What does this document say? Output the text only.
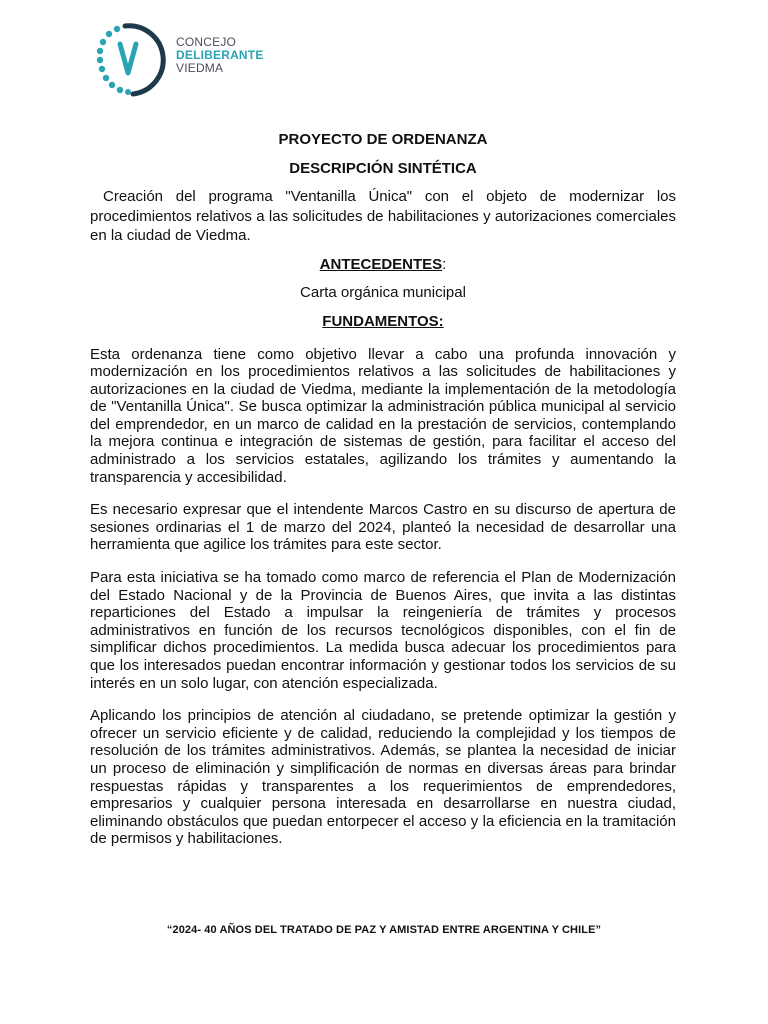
CONCEJO
DELIBERANTE
VIEDMA

PROYECTO DE ORDENANZA

DESCRIPCIÓN SINTÉTICA

Creación del programa "Ventanilla Única" con el objeto de modernizar los procedimientos relativos a las solicitudes de habilitaciones y autorizaciones comerciales en la ciudad de Viedma.

ANTECEDENTES:

Carta orgánica municipal

FUNDAMENTOS:

Esta ordenanza tiene como objetivo llevar a cabo una profunda innovación y modernización en los procedimientos relativos a las solicitudes de habilitaciones y autorizaciones en la ciudad de Viedma, mediante la implementación de la metodología de "Ventanilla Única". Se busca optimizar la administración pública municipal al servicio del emprendedor, en un marco de calidad en la prestación de servicios, contemplando la mejora continua e integración de sistemas de gestión, para facilitar el acceso del administrado a los servicios estatales, agilizando los trámites y aumentando la transparencia y accesibilidad.

Es necesario expresar que el intendente Marcos Castro en su discurso de apertura de sesiones ordinarias el 1 de marzo del 2024, planteó la necesidad de desarrollar una herramienta que agilice los trámites para este sector.

Para esta iniciativa se ha tomado como marco de referencia el Plan de Modernización del Estado Nacional y de la Provincia de Buenos Aires, que invita a las distintas reparticiones del Estado a impulsar la reingeniería de trámites y procesos administrativos en función de los recursos tecnológicos disponibles, con el fin de simplificar dichos procedimientos. La medida busca adecuar los procedimientos para que los interesados puedan encontrar información y gestionar todos los servicios de su interés en un solo lugar, con atención especializada.

Aplicando los principios de atención al ciudadano, se pretende optimizar la gestión y ofrecer un servicio eficiente y de calidad, reduciendo la complejidad y los tiempos de resolución de los trámites administrativos. Además, se plantea la necesidad de iniciar un proceso de eliminación y simplificación de normas en diversas áreas para brindar respuestas rápidas y transparentes a los requerimientos de emprendedores, empresarios y cualquier persona interesada en desarrollarse en nuestra ciudad, eliminando obstáculos que puedan entorpecer el acceso y la eficiencia en la tramitación de permisos y habilitaciones.

“2024- 40 AÑOS DEL TRATADO DE PAZ Y AMISTAD ENTRE ARGENTINA Y CHILE”
